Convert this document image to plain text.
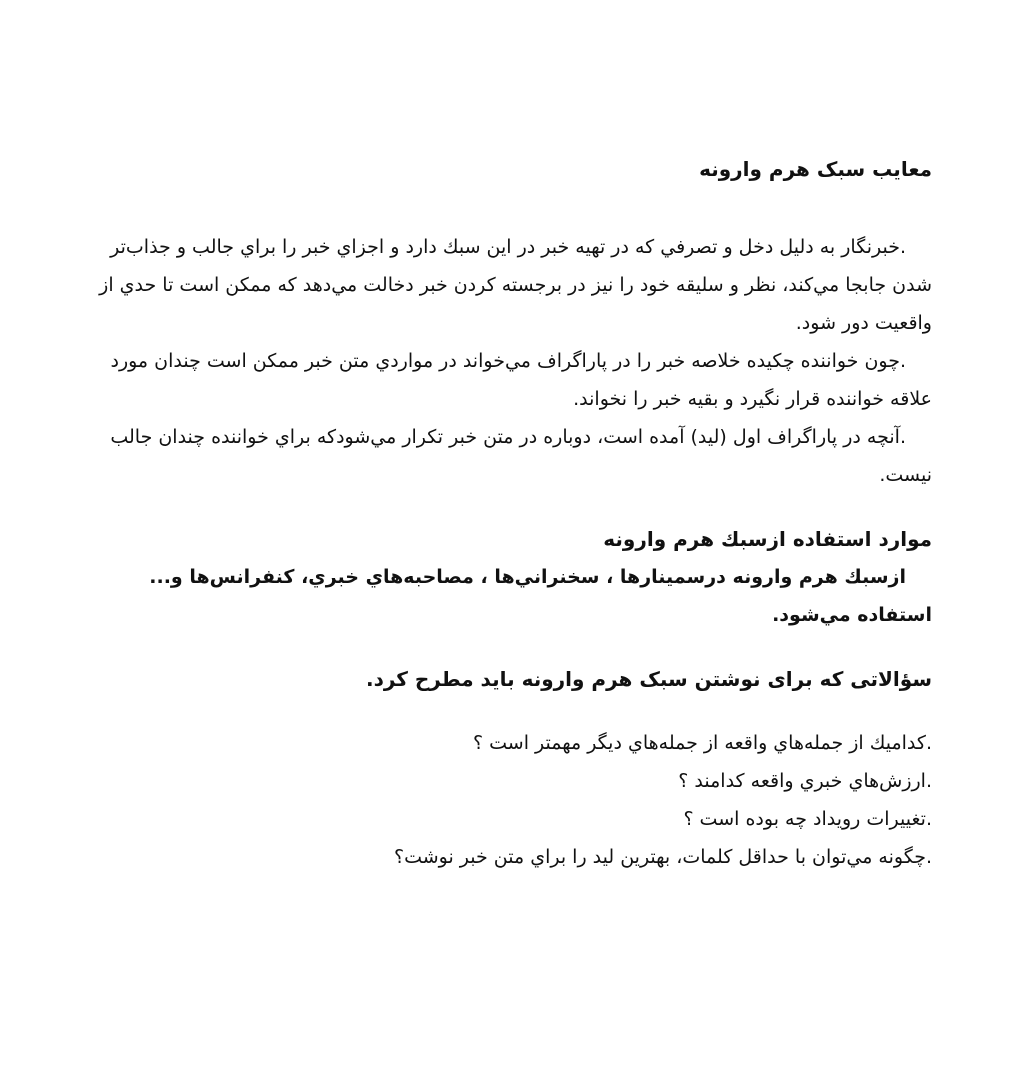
معایب سبک هرم وارونه

.خبرنگار به دليل دخل و تصرفي كه در تهيه خبر در اين سبك دارد و اجزاي خبر را براي جالب و جذاب‌تر شدن جابجا مي‌كند، نظر و سليقه خود را نيز در برجسته كردن خبر دخالت مي‌دهد كه ممكن است تا حدي از واقعيت دور شود.

.چون خواننده چكيده خلاصه خبر را در پاراگراف مي‌خواند در مواردي متن خبر ممكن است چندان مورد علاقه خواننده قرار نگيرد و بقيه خبر را نخواند.

.آنچه در پاراگراف اول (ليد) آمده است، دوباره در متن خبر تكرار مي‌شودكه براي خواننده چندان جالب نيست.

موارد استفاده ازسبك هرم وارونه

ازسبك هرم وارونه درسمينارها ، سخنراني‌ها ، مصاحبه‌هاي خبري، كنفرانس‌ها و... استفاده مي‌شود.

سؤالاتی که برای نوشتن سبک هرم وارونه باید مطرح کرد.

.كداميك از جمله‌هاي واقعه از جمله‌هاي ديگر مهمتر است ؟

.ارزش‌هاي خبري واقعه كدامند ؟

.تغييرات رويداد چه بوده است ؟

.چگونه مي‌توان با حداقل كلمات، بهترين ليد را براي متن خبر نوشت؟
